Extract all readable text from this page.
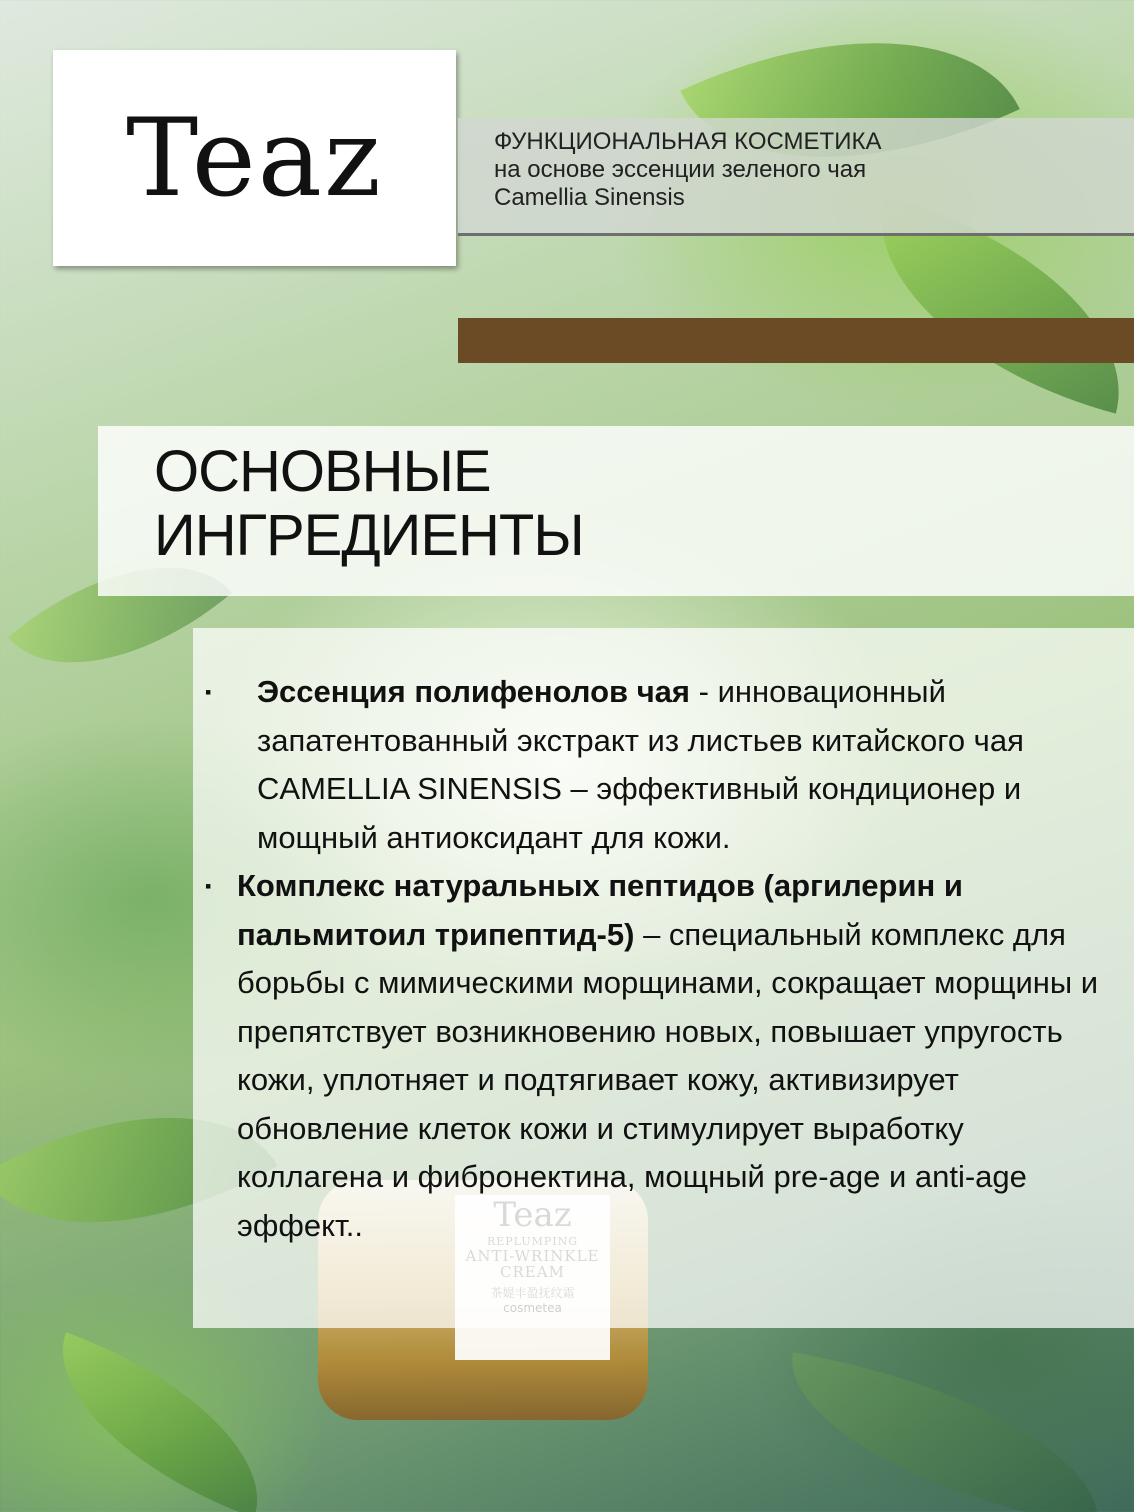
Teaz	ФУНКЦИОНАЛЬНАЯ КОСМЕТИКА
на основе эссенции зеленого чая
Camellia Sinensis
ОСНОВНЫЕ
ИНГРЕДИЕНТЫ
▪	Эссенция полифенолов чая - инновационный запатентованный экстракт из листьев китайского чая CAMELLIA SINENSIS – эффективный кондиционер и мощный антиоксидант для кожи.
▪ Комплекс натуральных пептидов (аргилерин и пальмитоил трипептид-5) – специальный комплекс для борьбы с мимическими морщинами, сокращает морщины и препятствует возникновению новых, повышает упругость кожи, уплотняет и подтягивает кожу, активизирует обновление клеток кожи и стимулирует выработку коллагена и фибронектина, мощный pre-age и anti-age эффект..
